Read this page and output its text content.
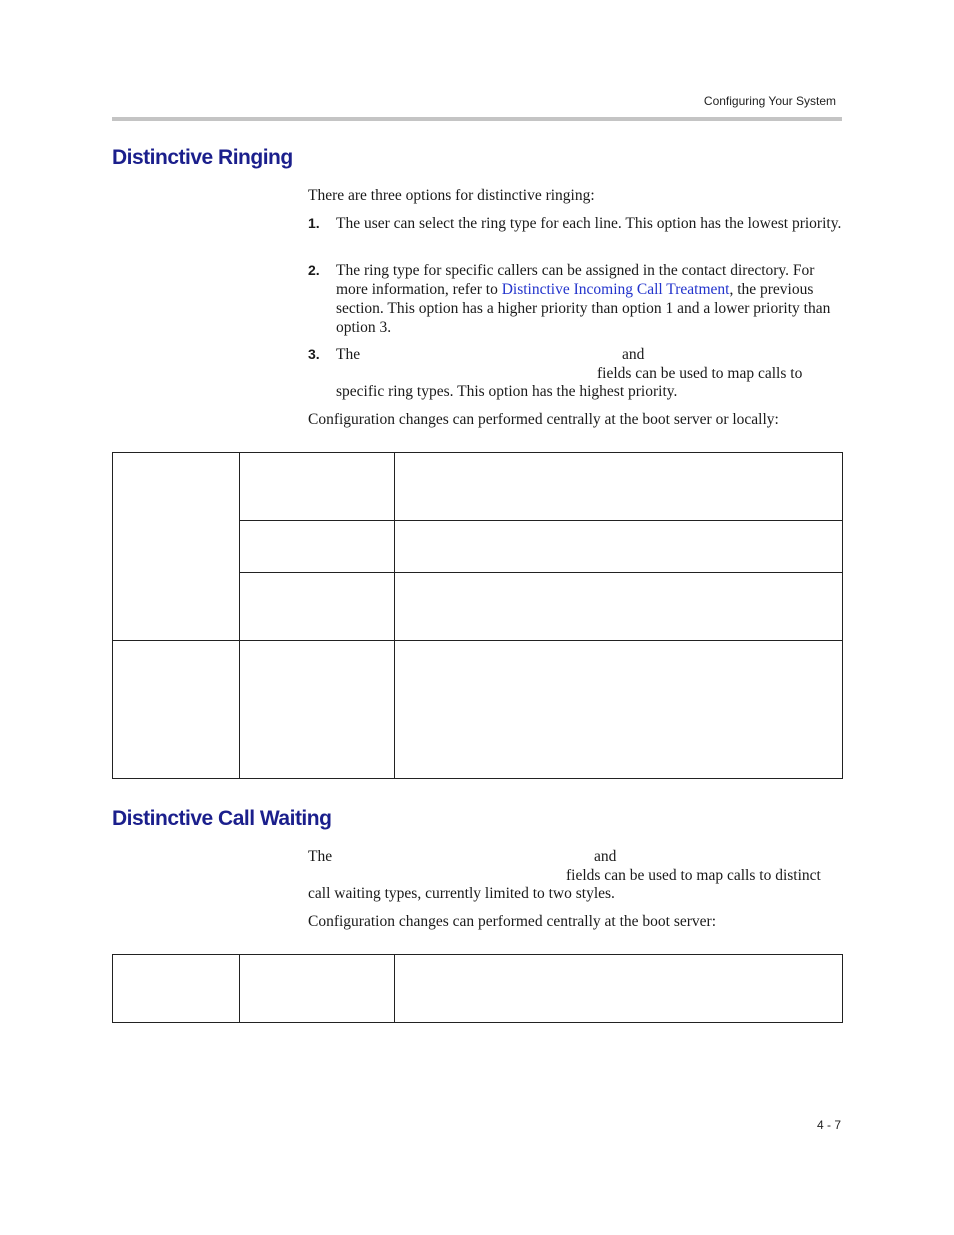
Configuring Your System
Distinctive Ringing

There are three options for distinctive ringing:

1. The user can select the ring type for each line. This option has the lowest priority.
2. The ring type for specific callers can be assigned in the contact directory. For more information, refer to Distinctive Incoming Call Treatment, the previous section. This option has a higher priority than option 1 and a lower priority than option 3.
3. The	and
fields can be used to map calls to
specific ring types. This option has the highest priority.

Configuration changes can performed centrally at the boot server or locally:

Distinctive Call Waiting
The	and
fields can be used to map calls to distinct
call waiting types, currently limited to two styles.

Configuration changes can performed centrally at the boot server:

4 - 7
